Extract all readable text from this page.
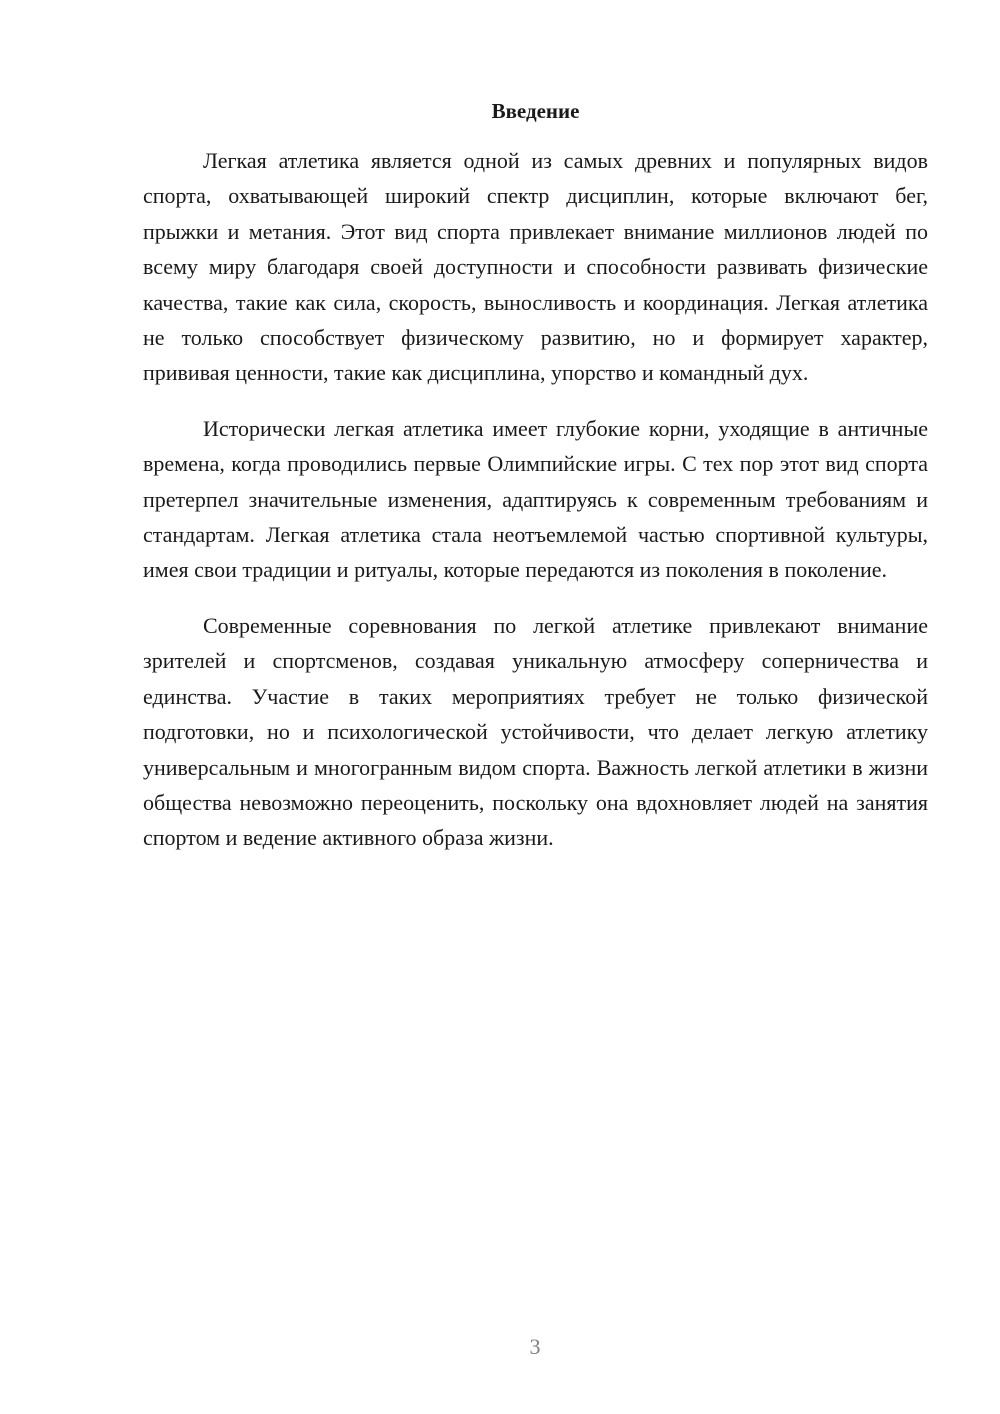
Введение

Легкая атлетика является одной из самых древних и популярных видов спорта, охватывающей широкий спектр дисциплин, которые включают бег, прыжки и метания. Этот вид спорта привлекает внимание миллионов людей по всему миру благодаря своей доступности и способности развивать физические качества, такие как сила, скорость, выносливость и координация. Легкая атлетика не только способствует физическому развитию, но и формирует характер, прививая ценности, такие как дисциплина, упорство и командный дух.

Исторически легкая атлетика имеет глубокие корни, уходящие в античные времена, когда проводились первые Олимпийские игры. С тех пор этот вид спорта претерпел значительные изменения, адаптируясь к современным требованиям и стандартам. Легкая атлетика стала неотъемлемой частью спортивной культуры, имея свои традиции и ритуалы, которые передаются из поколения в поколение.

Современные соревнования по легкой атлетике привлекают внимание зрителей и спортсменов, создавая уникальную атмосферу соперничества и единства. Участие в таких мероприятиях требует не только физической подготовки, но и психологической устойчивости, что делает легкую атлетику универсальным и многогранным видом спорта. Важность легкой атлетики в жизни общества невозможно переоценить, поскольку она вдохновляет людей на занятия спортом и ведение активного образа жизни.

3
